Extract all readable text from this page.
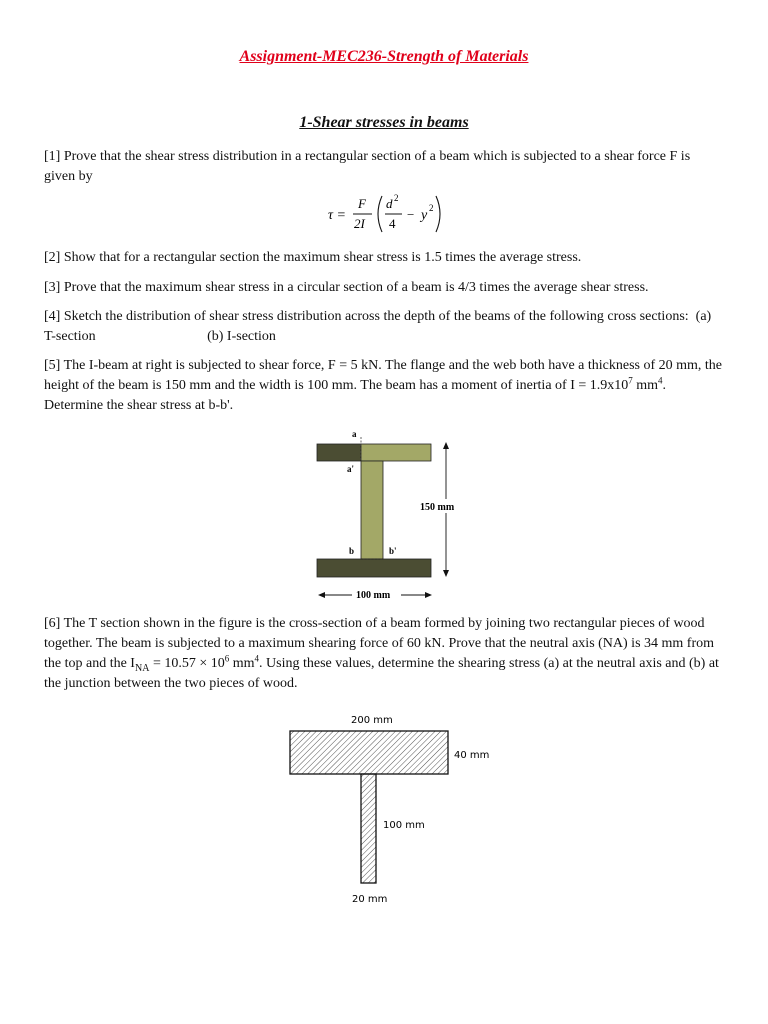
Assignment-MEC236-Strength of Materials
1-Shear stresses in beams

[1] Prove that the shear stress distribution in a rectangular section of a beam which is subjected to a shear force F is given by

τ =
F
2I
d 2
4
− y 2

[2] Show that for a rectangular section the maximum shear stress is 1.5 times the average stress.

[3] Prove that the maximum shear stress in a circular section of a beam is 4/3 times the average shear stress.

[4] Sketch the distribution of shear stress distribution across the depth of the beams of the following cross sections: (a) T-section	(b) I-section

[5] The I-beam at right is subjected to shear force, F = 5 kN. The flange and the web both have a thickness of 20 mm, the height of the beam is 150 mm and the width is 100 mm. The beam has a moment of inertia of $I = 1.9x10^7$ $mm^4$. Determine the shear stress at b-b'.

a
a'
b	b'
150 mm
100 mm

[6] The T section shown in the figure is the cross-section of a beam formed by joining two rectangular pieces of wood together. The beam is subjected to a maximum shearing force of 60 kN. Prove that the neutral axis (NA) is 34 mm from the top and the $I_{NA} = 10.57 \times 10^6$ $mm^4$. Using these values, determine the shearing stress (a) at the neutral axis and (b) at the junction between the two pieces of wood.

200 mm
40 mm
100 mm
20 mm
